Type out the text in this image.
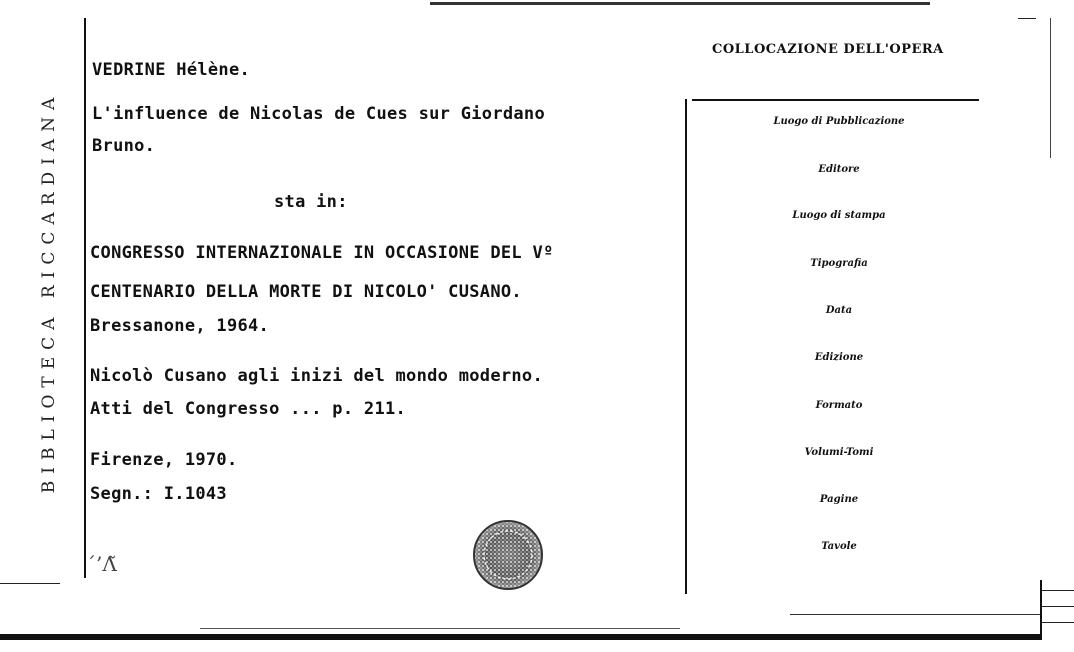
BIBLIOTECA RICCARDIANA
VEDRINE Hélène.
L'influence de Nicolas de Cues sur Giordano
Bruno.
sta in:
CONGRESSO INTERNAZIONALE IN OCCASIONE DEL Vº
CENTENARIO DELLA MORTE DI NICOLO' CUSANO.
Bressanone, 1964.
Nicolò Cusano agli inizi del mondo moderno.
Atti del Congresso ... p. 211.
Firenze, 1970.
Segn.: I.1043
´’Λ̃
COLLOCAZIONE DELL'OPERA
Luogo di Pubblicazione
Editore
Luogo di stampa
Tipografia
Data
Edizione
Formato
Volumi-Tomi
Pagine
Tavole
